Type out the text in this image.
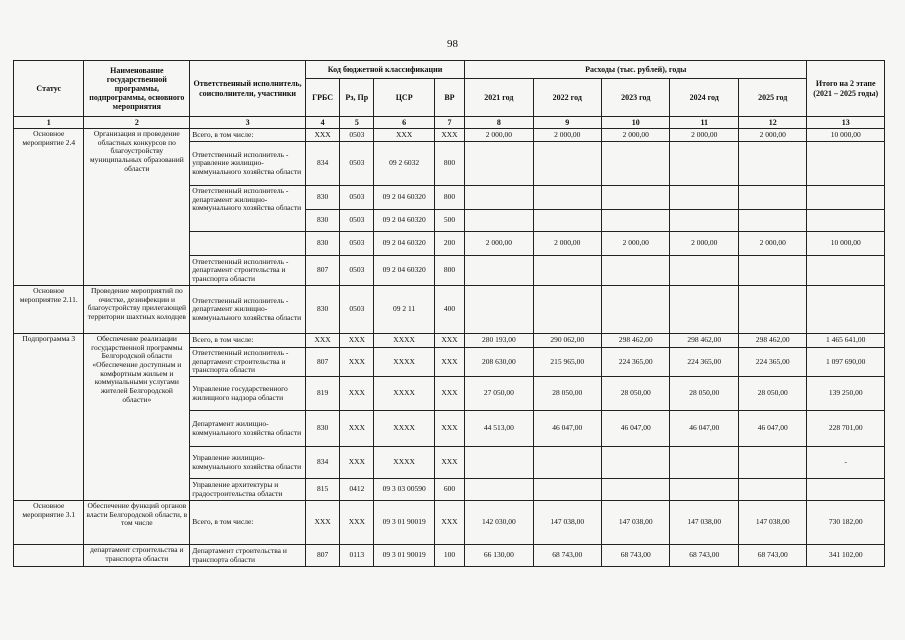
98
Статус	Наименование государственной программы, подпрограммы, основного мероприятия	Ответственный исполнитель, соисполнители, участники	Код бюджетной классификации				Расходы (тыс. рублей), годы					Итого на 2 этапе (2021 – 2025 годы)
			ГРБС	Рз, Пр	ЦСР	ВР	2021 год	2022 год	2023 год	2024 год	2025 год	
1	2	3	4	5	6	7	8	9	10	11	12	13
Основное мероприятие 2.4	Организация и проведение областных конкурсов по благоустройству муниципальных образований области	Всего, в том числе:	XXX	0503	XXX	XXX	2 000,00	2 000,00	2 000,00	2 000,00	2 000,00	10 000,00
		Ответственный исполнитель - управление жилищно-коммунального хозяйства области	834	0503	09 2 6032	800						
		Ответственный исполнитель - департамент жилищно-коммунального хозяйства области	830	0503	09 2 04 60320	800						
			830	0503	09 2 04 60320	500						
			830	0503	09 2 04 60320	200	2 000,00	2 000,00	2 000,00	2 000,00	2 000,00	10 000,00
		Ответственный исполнитель - департамент строительства и транспорта области	807	0503	09 2 04 60320	800						
Основное мероприятие 2.11.	Проведение мероприятий по очистке, дезинфекции и благоустройству прилегающей территории шахтных колодцев	Ответственный исполнитель - департамент жилищно-коммунального хозяйства области	830	0503	09 2 11	400						
Подпрограмма 3	Обеспечение реализации государственной программы Белгородской области «Обеспечение доступным и комфортным жильем и коммунальными услугами жителей Белгородской области»	Всего, в том числе:	XXX	XXX	XXXX	XXX	280 193,00	290 062,00	298 462,00	298 462,00	298 462,00	1 465 641,00
		Ответственный исполнитель - департамент строительства и транспорта области	807	XXX	XXXX	XXX	208 630,00	215 965,00	224 365,00	224 365,00	224 365,00	1 097 690,00
		Управление государственного жилищного надзора области	819	XXX	XXXX	XXX	27 050,00	28 050,00	28 050,00	28 050,00	28 050,00	139 250,00
		Департамент жилищно-коммунального хозяйства области	830	XXX	XXXX	XXX	44 513,00	46 047,00	46 047,00	46 047,00	46 047,00	228 701,00
		Управление жилищно-коммунального хозяйства области	834	XXX	XXXX	XXX						-
		Управление архитектуры и градостроительства области	815	0412	09 3 03 00590	600						
Основное мероприятие 3.1	Обеспечение функций органов власти Белгородской области, в том числе	Всего, в том числе:	XXX	XXX	09 3 01 90019	XXX	142 030,00	147 038,00	147 038,00	147 038,00	147 038,00	730 182,00
	департамент строительства и транспорта области	Департамент строительства и транспорта области	807	0113	09 3 01 90019	100	66 130,00	68 743,00	68 743,00	68 743,00	68 743,00	341 102,00
